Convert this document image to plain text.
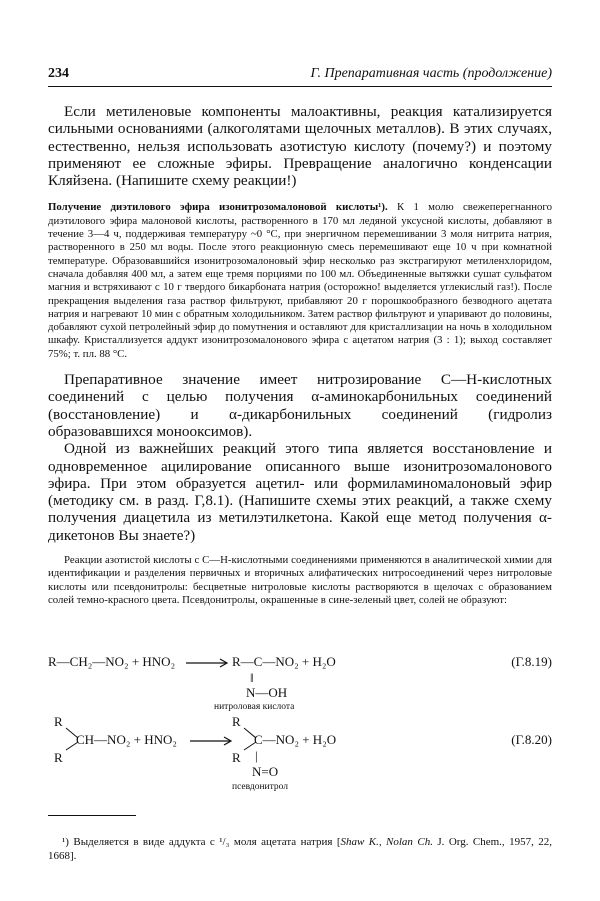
234	Г. Препаративная часть (продолжение)

Если метиленовые компоненты малоактивны, реакция катализируется сильными основаниями (алкоголятами щелочных металлов). В этих случаях, естественно, нельзя использовать азотистую кислоту (почему?) и поэтому применяют ее сложные эфиры. Превращение аналогично конденсации Кляйзена. (Напишите схему реакции!)

Получение диэтилового эфира изонитрозомалоновой кислоты¹). К 1 молю свежеперегнанного диэтилового эфира малоновой кислоты, растворенного в 170 мл ледяной уксусной кислоты, добавляют в течение 3—4 ч, поддерживая температуру ~0 °С, при энергичном перемешивании 3 моля нитрита натрия, растворенного в 250 мл воды. После этого реакционную смесь перемешивают еще 10 ч при комнатной температуре. Образовавшийся изонитрозомалоновый эфир несколько раз экстрагируют метиленхлоридом, сначала добавляя 400 мл, а затем еще тремя порциями по 100 мл. Объединенные вытяжки сушат сульфатом магния и встряхивают с 10 г твердого бикарбоната натрия (осторожно! выделяется углекислый газ!). После прекращения выделения газа раствор фильтруют, прибавляют 20 г порошкообразного безводного ацетата натрия и нагревают 10 мин с обратным холодильником. Затем раствор фильтруют и упаривают до половины, добавляют сухой петролейный эфир до помутнения и оставляют для кристаллизации на ночь в холодильном шкафу. Кристаллизуется аддукт изонитрозомалонового эфира с ацетатом натрия (3 : 1); выход составляет 75%; т. пл. 88 °С.

Препаративное значение имеет нитрозирование С—Н-кислотных соединений с целью получения α-аминокарбонильных соединений (восстановление) и α-дикарбонильных соединений (гидролиз образовавшихся монооксимов).

Одной из важнейших реакций этого типа является восстановление и одновременное ацилирование описанного выше изонитрозомалонового эфира. При этом образуется ацетил- или формиламиномалоновый эфир (методику см. в разд. Г,8.1). (Напишите схемы этих реакций, а также схему получения диацетила из метилэтилкетона. Какой еще метод получения α-дикетонов Вы знаете?)

Реакции азотистой кислоты с С—Н-кислотными соединениями применяются в аналитической химии для идентификации и разделения первичных и вторичных алифатических нитросоединений через нитроловые кислоты или псевдонитролы: бесцветные нитроловые кислоты растворяются в щелочах с образованием солей темно-красного цвета. Псевдонитролы, окрашенные в сине-зеленый цвет, солей не образуют:

R—CH₂—NO₂ + HNO₂ → R—C—NO₂ + H₂O
‖
N—OH
нитроловая кислота
(Г.8.19)
R
R
CH—NO₂ + HNO₂ →
R
R
C—NO₂ + H₂O
|
N=O
псевдонитрол
(Г.8.20)

¹) Выделяется в виде аддукта с ¹/₃ моля ацетата натрия [Shaw K., Nolan Ch. J. Org. Chem., 1957, 22, 1668].
